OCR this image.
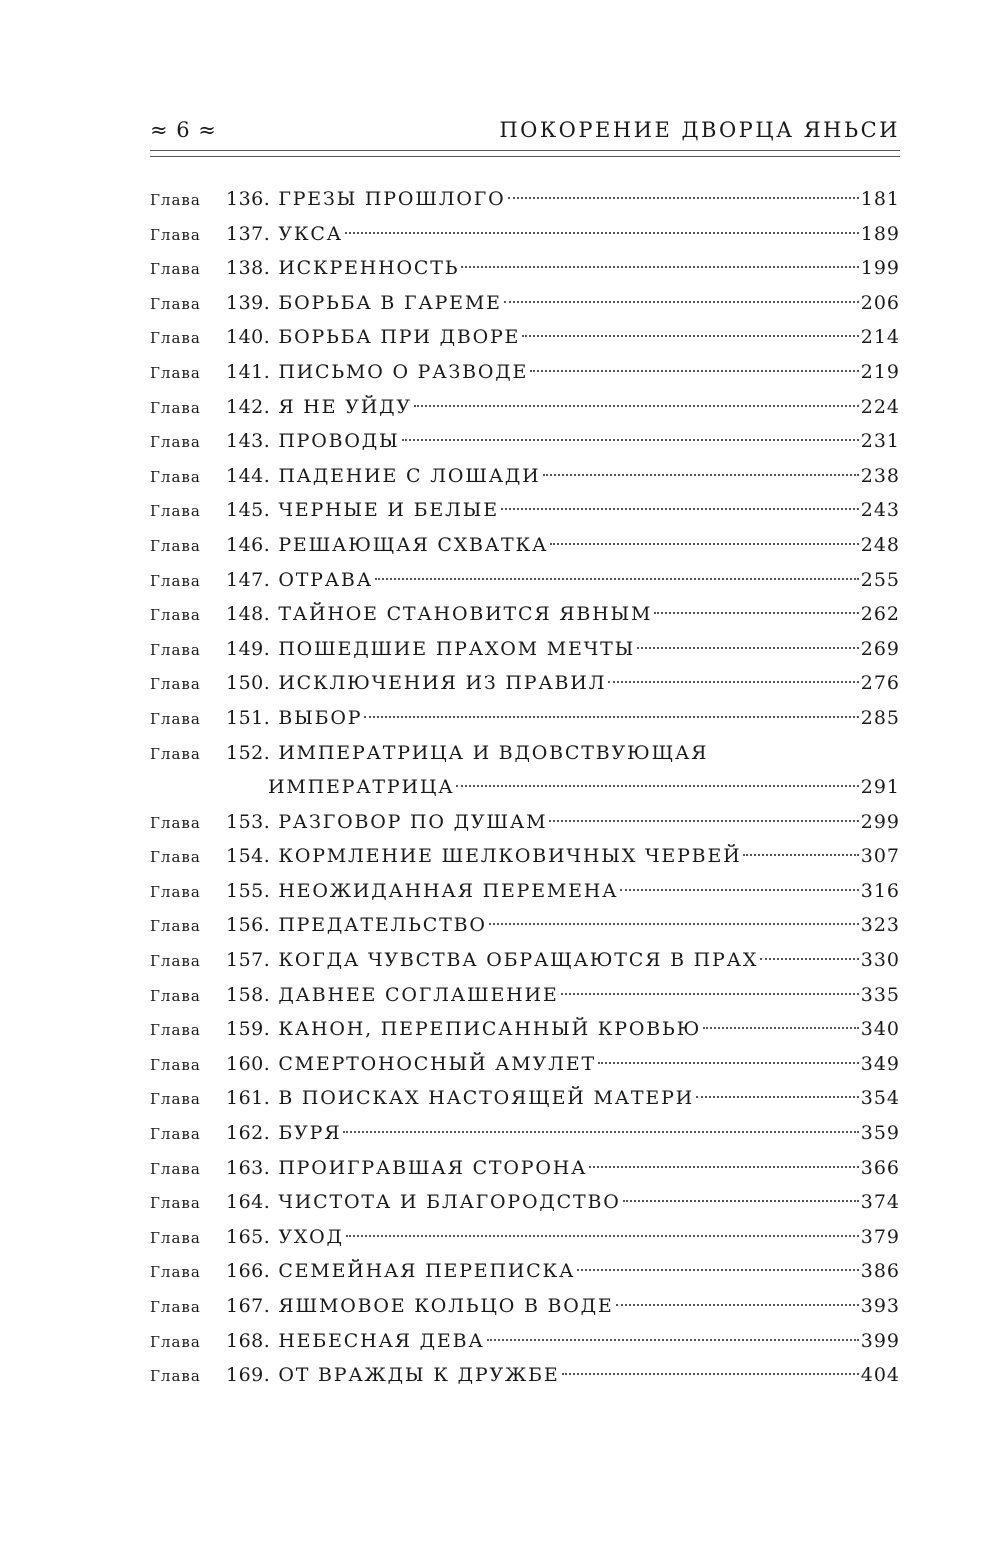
≈ 6 ≈	ПОКОРЕНИЕ ДВОРЦА ЯНЬСИ
Глава	136. ГРЕЗЫ ПРОШЛОГО	181
Глава	137. УКСА	189
Глава	138. ИСКРЕННОСТЬ	199
Глава	139. БОРЬБА В ГАРЕМЕ	206
Глава	140. БОРЬБА ПРИ ДВОРЕ	214
Глава	141. ПИСЬМО О РАЗВОДЕ	219
Глава	142. Я НЕ УЙДУ	224
Глава	143. ПРОВОДЫ	231
Глава	144. ПАДЕНИЕ С ЛОШАДИ	238
Глава	145. ЧЕРНЫЕ И БЕЛЫЕ	243
Глава	146. РЕШАЮЩАЯ СХВАТКА	248
Глава	147. ОТРАВА	255
Глава	148. ТАЙНОЕ СТАНОВИТСЯ ЯВНЫМ	262
Глава	149. ПОШЕДШИЕ ПРАХОМ МЕЧТЫ	269
Глава	150. ИСКЛЮЧЕНИЯ ИЗ ПРАВИЛ	276
Глава	151. ВЫБОР	285
Глава	152. ИМПЕРАТРИЦА И ВДОВСТВУЮЩАЯ
ИМПЕРАТРИЦА	291
Глава	153. РАЗГОВОР ПО ДУШАМ	299
Глава	154. КОРМЛЕНИЕ ШЕЛКОВИЧНЫХ ЧЕРВЕЙ	307
Глава	155. НЕОЖИДАННАЯ ПЕРЕМЕНА	316
Глава	156. ПРЕДАТЕЛЬСТВО	323
Глава	157. КОГДА ЧУВСТВА ОБРАЩАЮТСЯ В ПРАХ	330
Глава	158. ДАВНЕЕ СОГЛАШЕНИЕ	335
Глава	159. КАНОН, ПЕРЕПИСАННЫЙ КРОВЬЮ	340
Глава	160. СМЕРТОНОСНЫЙ АМУЛЕТ	349
Глава	161. В ПОИСКАХ НАСТОЯЩЕЙ МАТЕРИ	354
Глава	162. БУРЯ	359
Глава	163. ПРОИГРАВШАЯ СТОРОНА	366
Глава	164. ЧИСТОТА И БЛАГОРОДСТВО	374
Глава	165. УХОД	379
Глава	166. СЕМЕЙНАЯ ПЕРЕПИСКА	386
Глава	167. ЯШМОВОЕ КОЛЬЦО В ВОДЕ	393
Глава	168. НЕБЕСНАЯ ДЕВА	399
Глава	169. ОТ ВРАЖДЫ К ДРУЖБЕ	404
